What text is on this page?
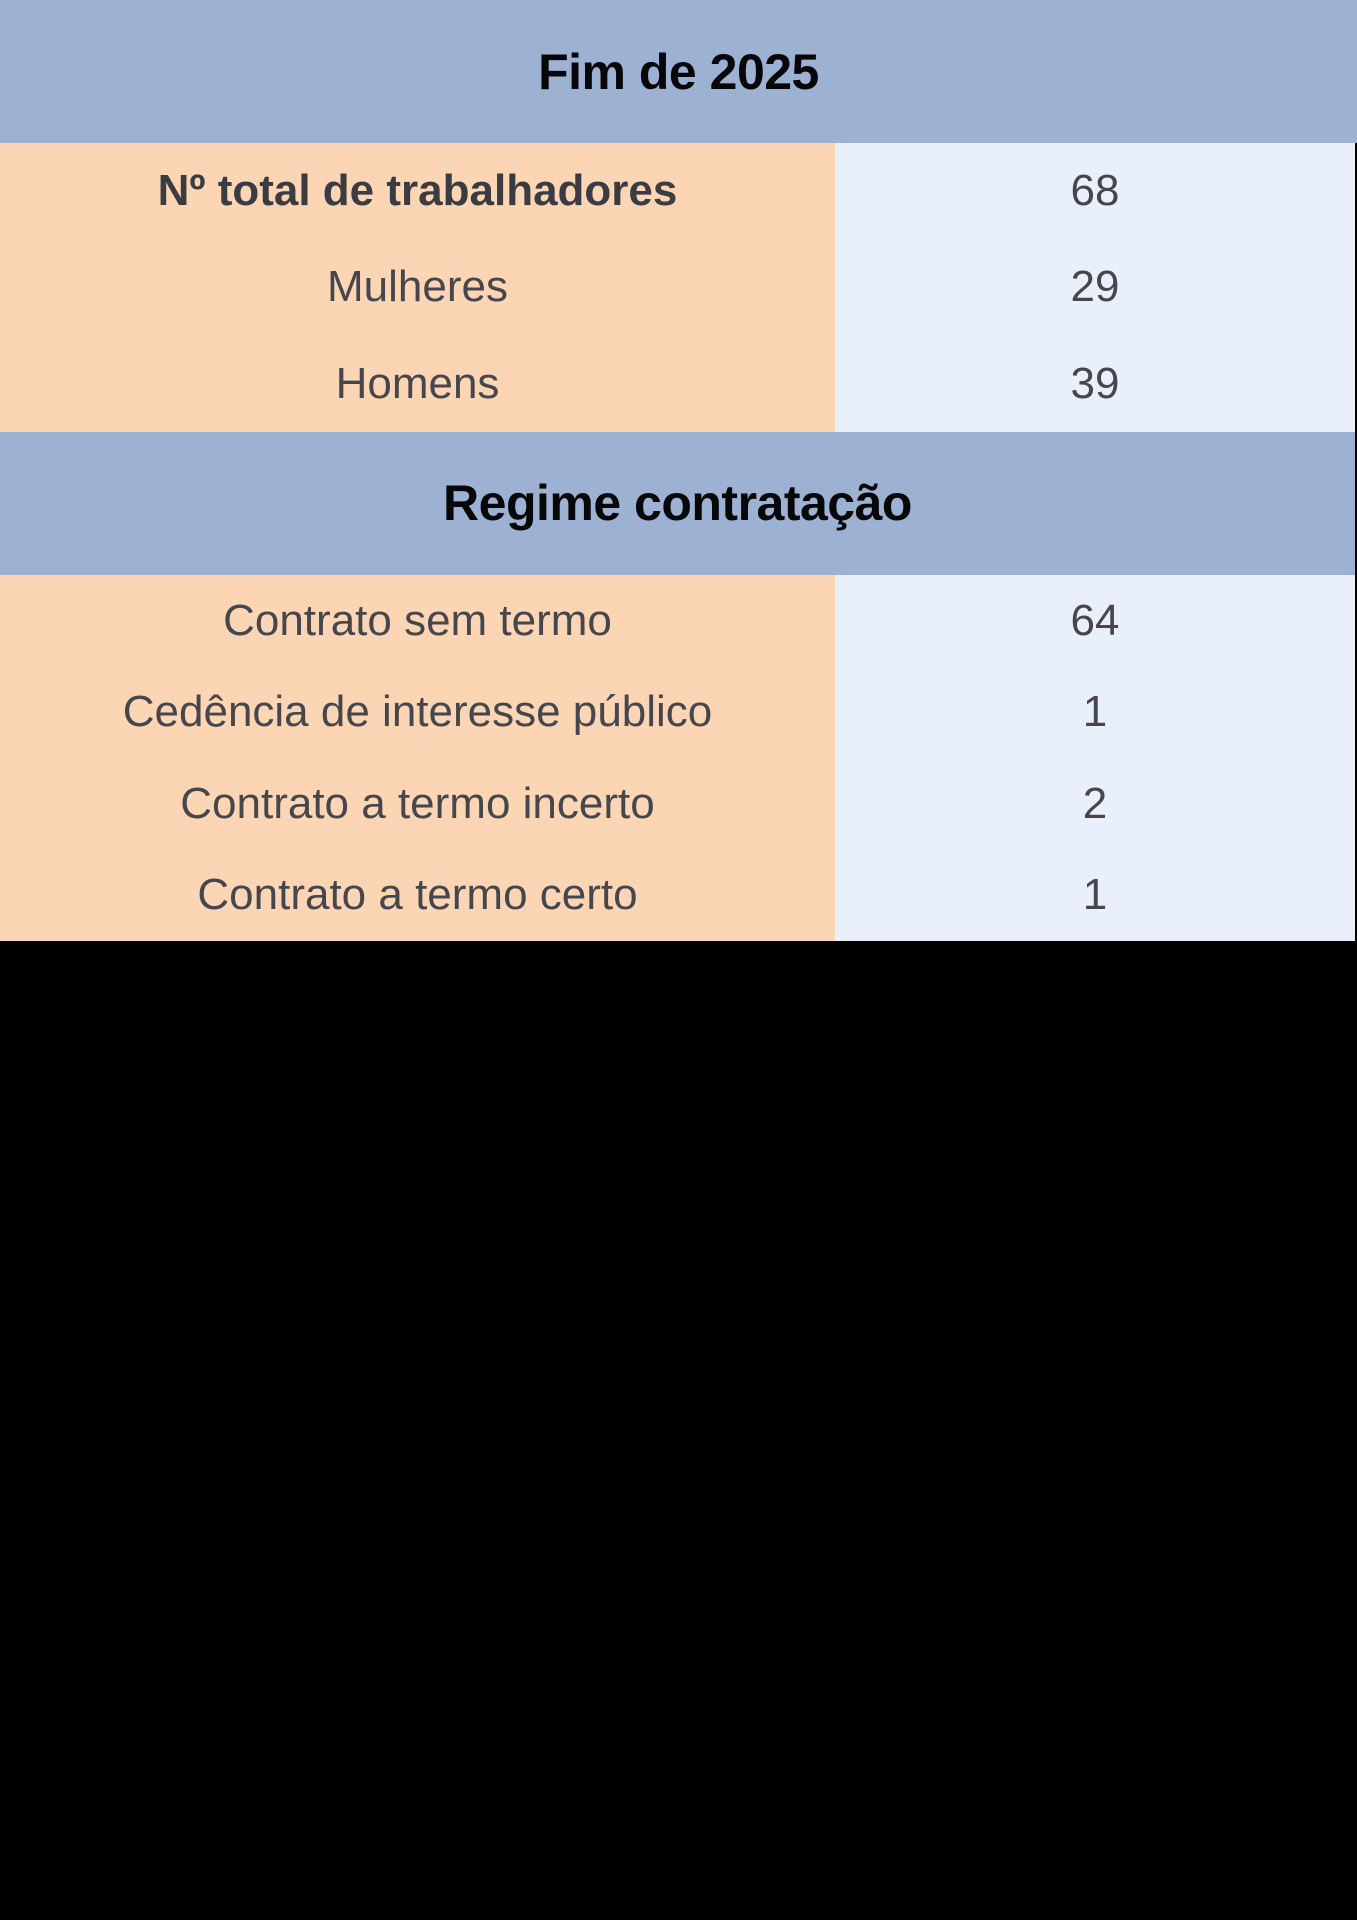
Fim de 2025
Nº total de trabalhadores	68
Mulheres	29
Homens	39
Regime contratação
Contrato sem termo	64
Cedência de interesse público	1
Contrato a termo incerto	2
Contrato a termo certo	1
